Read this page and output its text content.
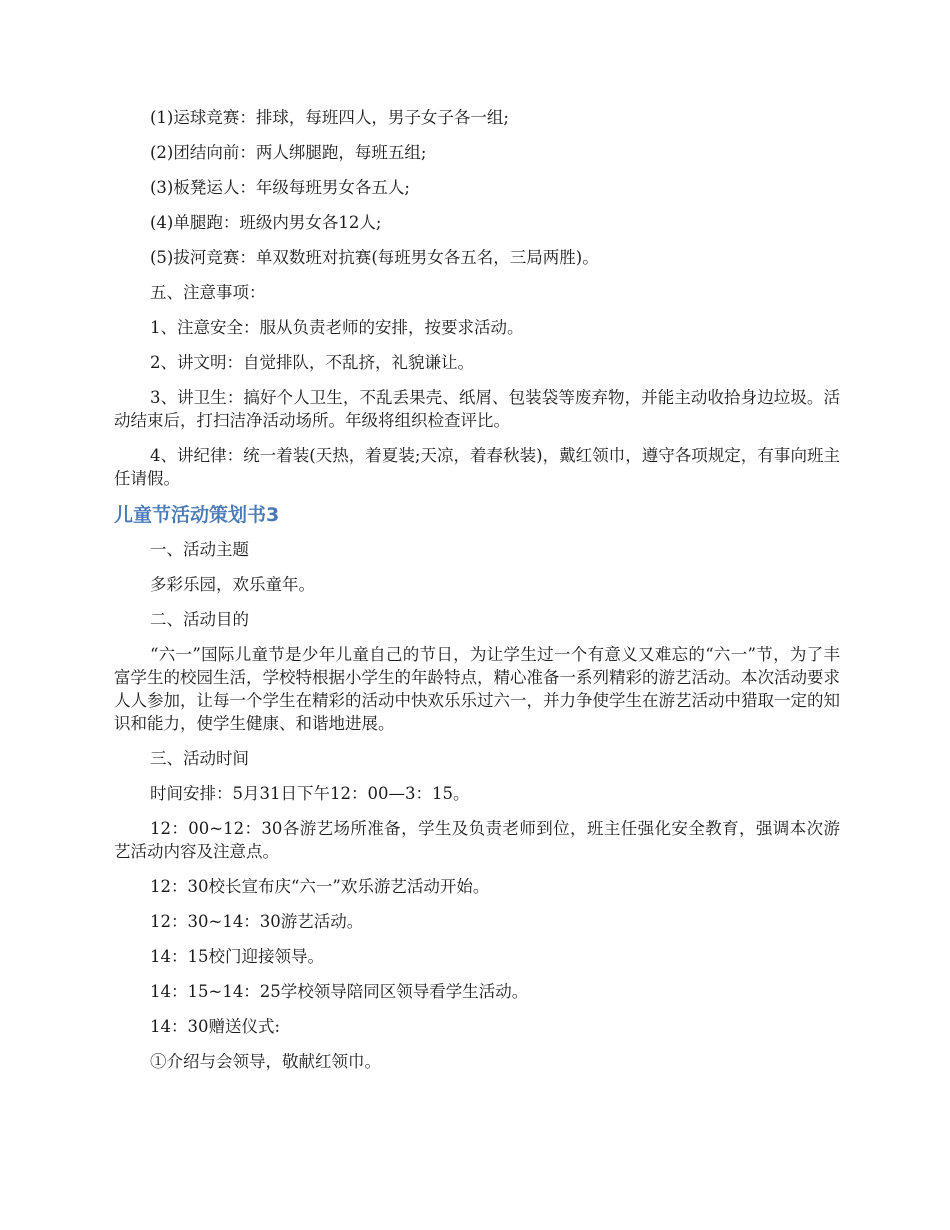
(1)运球竞赛：排球，每班四人，男子女子各一组;

(2)团结向前：两人绑腿跑，每班五组;

(3)板凳运人：年级每班男女各五人;

(4)单腿跑：班级内男女各12人;

(5)拔河竞赛：单双数班对抗赛(每班男女各五名，三局两胜)。

五、注意事项：

1、注意安全：服从负责老师的安排，按要求活动。

2、讲文明：自觉排队，不乱挤，礼貌谦让。

3、讲卫生：搞好个人卫生，不乱丢果壳、纸屑、包装袋等废弃物，并能主动收拾身边垃圾。活动结束后，打扫洁净活动场所。年级将组织检查评比。

4、讲纪律：统一着装(天热，着夏装;天凉，着春秋装)，戴红领巾，遵守各项规定，有事向班主任请假。

儿童节活动策划书3

一、活动主题

多彩乐园，欢乐童年。

二、活动目的

“六一”国际儿童节是少年儿童自己的节日，为让学生过一个有意义又难忘的“六一”节，为了丰富学生的校园生活，学校特根据小学生的年龄特点，精心准备一系列精彩的游艺活动。本次活动要求人人参加，让每一个学生在精彩的活动中快欢乐乐过六一，并力争使学生在游艺活动中猎取一定的知识和能力，使学生健康、和谐地进展。

三、活动时间

时间安排：5月31日下午12：00—3：15。

12：00~12：30各游艺场所准备，学生及负责老师到位，班主任强化安全教育，强调本次游艺活动内容及注意点。

12：30校长宣布庆“六一”欢乐游艺活动开始。

12：30~14：30游艺活动。

14：15校门迎接领导。

14：15~14：25学校领导陪同区领导看学生活动。

14：30赠送仪式:

①介绍与会领导，敬献红领巾。
